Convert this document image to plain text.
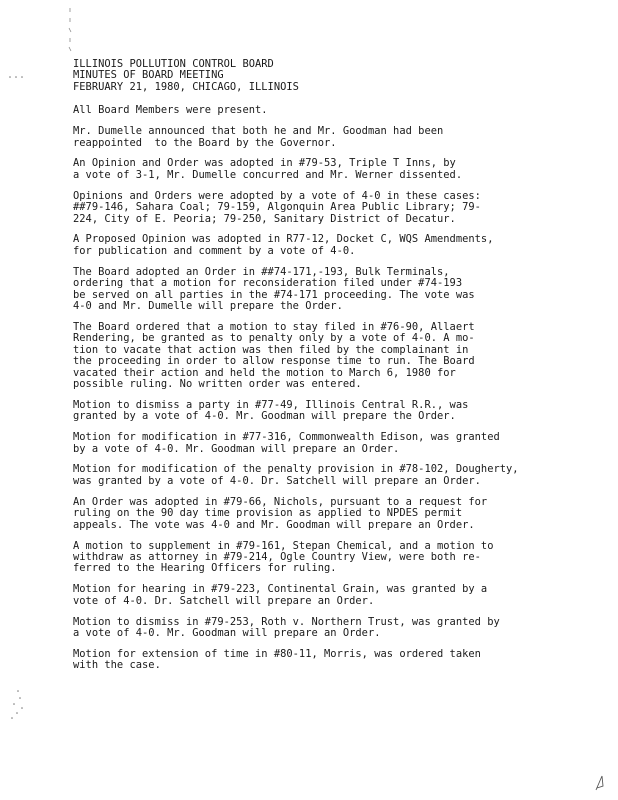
ILLINOIS POLLUTION CONTROL BOARD

MINUTES OF BOARD MEETING

FEBRUARY 21, 1980, CHICAGO, ILLINOIS

All Board Members were present.
Mr. Dumelle announced that both he and Mr. Goodman had been
reappointed  to the Board by the Governor.
An Opinion and Order was adopted in #79-53, Triple T Inns, by
a vote of 3-1, Mr. Dumelle concurred and Mr. Werner dissented.
Opinions and Orders were adopted by a vote of 4-0 in these cases:
##79-146, Sahara Coal; 79-159, Algonquin Area Public Library; 79-
224, City of E. Peoria; 79-250, Sanitary District of Decatur.
A Proposed Opinion was adopted in R77-12, Docket C, WQS Amendments,
for publication and comment by a vote of 4-0.
The Board adopted an Order in ##74-171,-193, Bulk Terminals,
ordering that a motion for reconsideration filed under #74-193
be served on all parties in the #74-171 proceeding. The vote was
4-0 and Mr. Dumelle will prepare the Order.
The Board ordered that a motion to stay filed in #76-90, Allaert
Rendering, be granted as to penalty only by a vote of 4-0. A mo-
tion to vacate that action was then filed by the complainant in
the proceeding in order to allow response time to run. The Board
vacated their action and held the motion to March 6, 1980 for
possible ruling. No written order was entered.
Motion to dismiss a party in #77-49, Illinois Central R.R., was
granted by a vote of 4-0. Mr. Goodman will prepare the Order.
Motion for modification in #77-316, Commonwealth Edison, was granted
by a vote of 4-0. Mr. Goodman will prepare an Order.
Motion for modification of the penalty provision in #78-102, Dougherty,
was granted by a vote of 4-0. Dr. Satchell will prepare an Order.
An Order was adopted in #79-66, Nichols, pursuant to a request for
ruling on the 90 day time provision as applied to NPDES permit
appeals. The vote was 4-0 and Mr. Goodman will prepare an Order.
A motion to supplement in #79-161, Stepan Chemical, and a motion to
withdraw as attorney in #79-214, Ogle Country View, were both re-
ferred to the Hearing Officers for ruling.
Motion for hearing in #79-223, Continental Grain, was granted by a
vote of 4-0. Dr. Satchell will prepare an Order.
Motion to dismiss in #79-253, Roth v. Northern Trust, was granted by
a vote of 4-0. Mr. Goodman will prepare an Order.
Motion for extension of time in #80-11, Morris, was ordered taken
with the case.
